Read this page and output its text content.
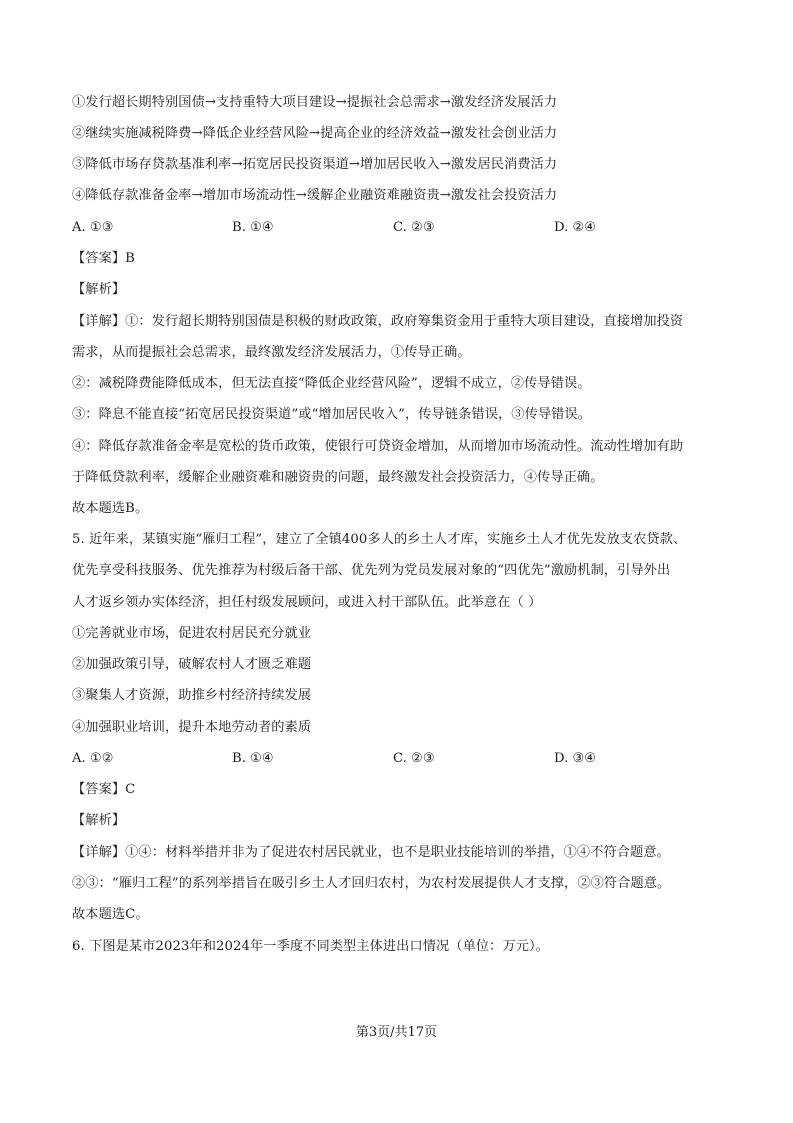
①发行超长期特别国债→支持重特大项目建设→提振社会总需求→激发经济发展活力
②继续实施减税降费→降低企业经营风险→提高企业的经济效益→激发社会创业活力
③降低市场存贷款基准利率→拓宽居民投资渠道→增加居民收入→激发居民消费活力
④降低存款准备金率→增加市场流动性→缓解企业融资难融资贵→激发社会投资活力
A. ①③	B. ①④	C. ②③	D. ②④
【答案】B
【解析】
【详解】①：发行超长期特别国债是积极的财政政策，政府筹集资金用于重特大项目建设，直接增加投资
需求，从而提振社会总需求，最终激发经济发展活力，①传导正确。
②：减税降费能降低成本，但无法直接“降低企业经营风险”，逻辑不成立，②传导错误。
③：降息不能直接“拓宽居民投资渠道”或“增加居民收入”，传导链条错误，③传导错误。
④：降低存款准备金率是宽松的货币政策，使银行可贷资金增加，从而增加市场流动性。流动性增加有助
于降低贷款利率，缓解企业融资难和融资贵的问题，最终激发社会投资活力，④传导正确。
故本题选B。
5. 近年来，某镇实施“雁归工程”，建立了全镇400多人的乡土人才库，实施乡土人才优先发放支农贷款、
优先享受科技服务、优先推荐为村级后备干部、优先列为党员发展对象的“四优先”激励机制，引导外出
人才返乡领办实体经济，担任村级发展顾问，或进入村干部队伍。此举意在（ ）
①完善就业市场，促进农村居民充分就业
②加强政策引导，破解农村人才匮乏难题
③聚集人才资源，助推乡村经济持续发展
④加强职业培训，提升本地劳动者的素质
A. ①②	B. ①④	C. ②③	D. ③④
【答案】C
【解析】
【详解】①④：材料举措并非为了促进农村居民就业，也不是职业技能培训的举措，①④不符合题意。
②③：“雁归工程”的系列举措旨在吸引乡土人才回归农村，为农村发展提供人才支撑，②③符合题意。
故本题选C。
6. 下图是某市2023年和2024年一季度不同类型主体进出口情况（单位：万元）。
第3页/共17页
